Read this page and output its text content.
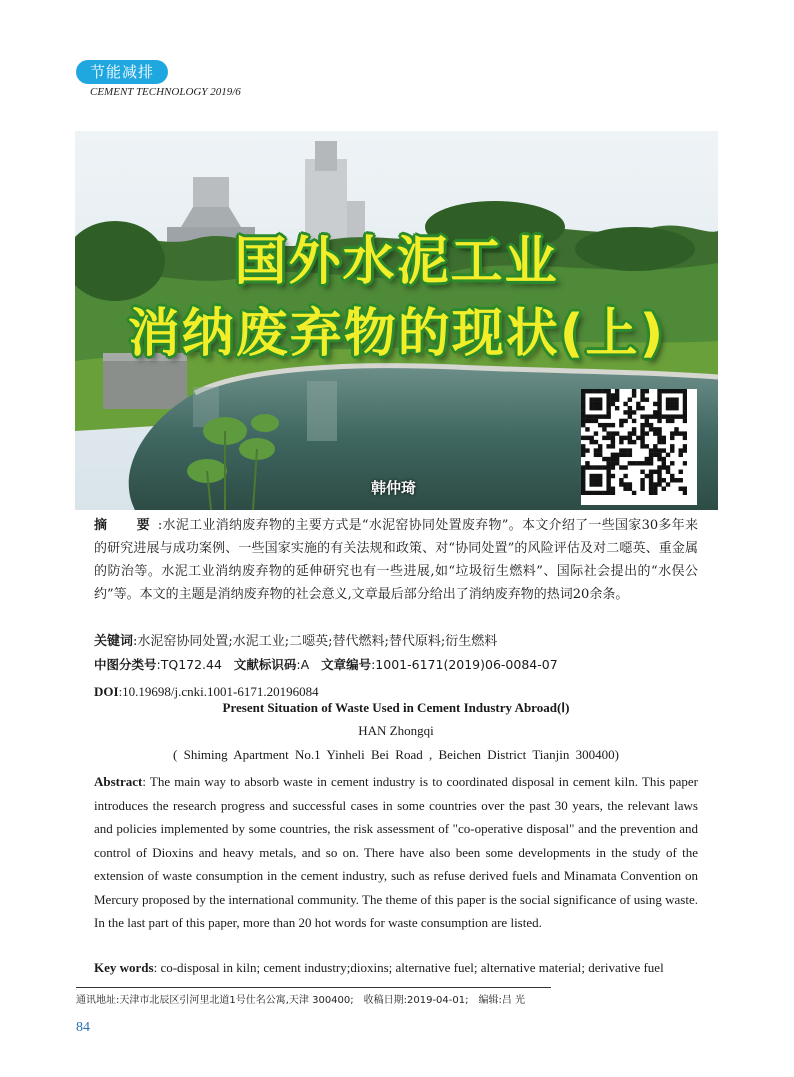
节能减排
CEMENT TECHNOLOGY 2019/6
国外水泥工业
消纳废弃物的现状(上)
韩仲琦
摘　要:水泥工业消纳废弃物的主要方式是“水泥窑协同处置废弃物”。本文介绍了一些国家30多年来的研究进展与成功案例、一些国家实施的有关法规和政策、对“协同处置”的风险评估及对二噁英、重金属的防治等。水泥工业消纳废弃物的延伸研究也有一些进展,如“垃圾衍生燃料”、国际社会提出的“水俣公约”等。本文的主题是消纳废弃物的社会意义,文章最后部分给出了消纳废弃物的热词20余条。
关键词:水泥窑协同处置;水泥工业;二噁英;替代燃料;替代原料;衍生燃料
中图分类号:TQ172.44 文献标识码:A 文章编号:1001-6171(2019)06-0084-07
DOI:10.19698/j.cnki.1001-6171.20196084
Present Situation of Waste Used in Cement Industry Abroad(Ⅰ)
HAN Zhongqi
( Shiming Apartment No.1 Yinheli Bei Road , Beichen District Tianjin 300400)
Abstract: The main way to absorb waste in cement industry is to coordinated disposal in cement kiln. This paper introduces the research progress and successful cases in some countries over the past 30 years, the relevant laws and policies implemented by some countries, the risk assessment of "co-operative disposal" and the prevention and control of Dioxins and heavy metals, and so on. There have also been some developments in the study of the extension of waste consumption in the cement industry, such as refuse derived fuels and Minamata Convention on Mercury proposed by the international community. The theme of this paper is the social significance of using waste. In the last part of this paper, more than 20 hot words for waste consumption are listed.
Key words: co-disposal in kiln; cement industry;dioxins; alternative fuel; alternative material; derivative fuel
通讯地址:天津市北辰区引河里北道1号仕名公寓,天津 300400;　收稿日期:2019-04-01;　编辑:吕 光
84
